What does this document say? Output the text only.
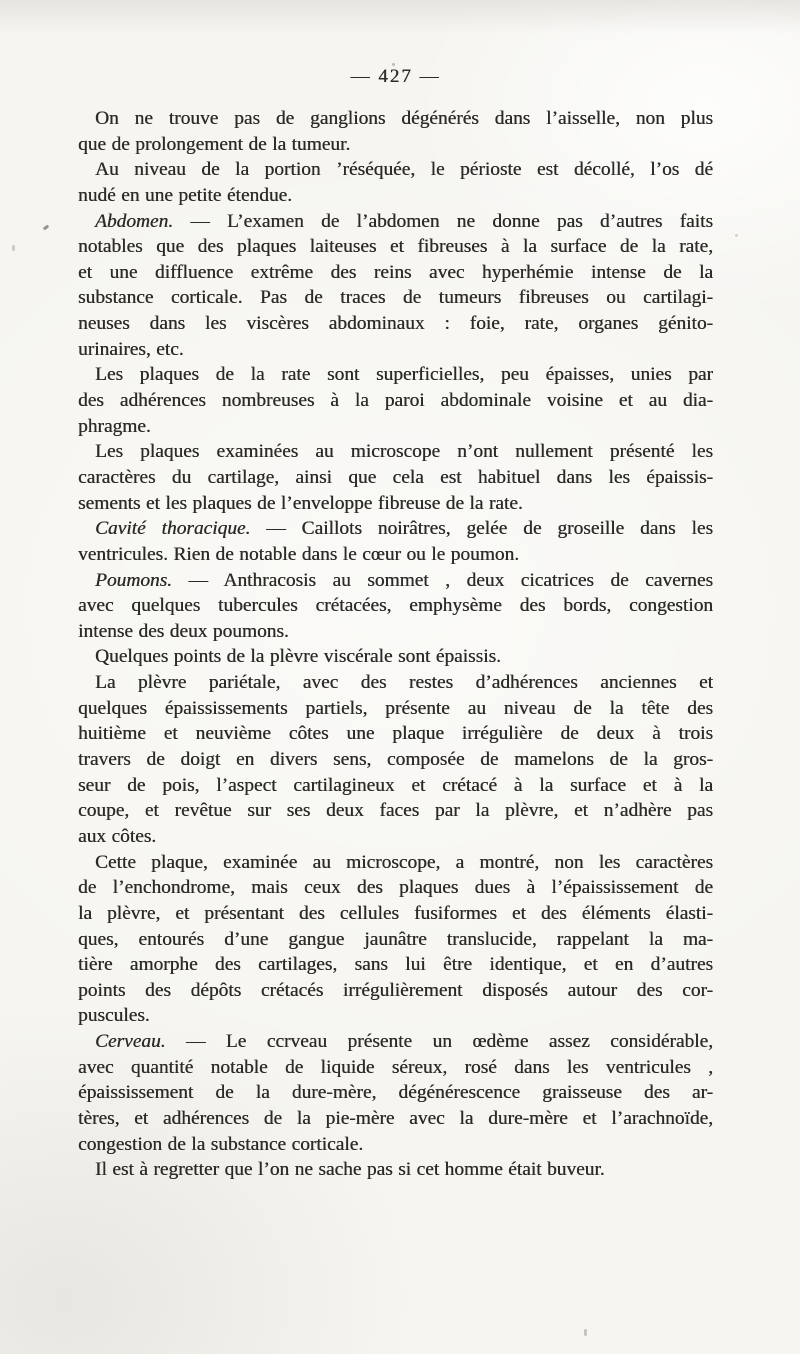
— 427 —
On ne trouve pas de ganglions dégénérés dans l’aisselle, non plus
que de prolongement de la tumeur.
Au niveau de la portion ’réséquée, le périoste est décollé, l’os dé
nudé en une petite étendue.
Abdomen. — L’examen de l’abdomen ne donne pas d’autres faits
notables que des plaques laiteuses et fibreuses à la surface de la rate,
et une diffluence extrême des reins avec hyperhémie intense de la
substance corticale. Pas de traces de tumeurs fibreuses ou cartilagi-
neuses dans les viscères abdominaux : foie, rate, organes génito-
urinaires, etc.
Les plaques de la rate sont superficielles, peu épaisses, unies par
des adhérences nombreuses à la paroi abdominale voisine et au dia-
phragme.
Les plaques examinées au microscope n’ont nullement présenté les
caractères du cartilage, ainsi que cela est habituel dans les épaissis-
sements et les plaques de l’enveloppe fibreuse de la rate.
Cavité thoracique. — Caillots noirâtres, gelée de groseille dans les
ventricules. Rien de notable dans le cœur ou le poumon.
Poumons. — Anthracosis au sommet , deux cicatrices de cavernes
avec quelques tubercules crétacées, emphysème des bords, congestion
intense des deux poumons.
Quelques points de la plèvre viscérale sont épaissis.
La plèvre pariétale, avec des restes d’adhérences anciennes et
quelques épaississements partiels, présente au niveau de la tête des
huitième et neuvième côtes une plaque irrégulière de deux à trois
travers de doigt en divers sens, composée de mamelons de la gros-
seur de pois, l’aspect cartilagineux et crétacé à la surface et à la
coupe, et revêtue sur ses deux faces par la plèvre, et n’adhère pas
aux côtes.
Cette plaque, examinée au microscope, a montré, non les caractères
de l’enchondrome, mais ceux des plaques dues à l’épaississement de
la plèvre, et présentant des cellules fusiformes et des éléments élasti-
ques, entourés d’une gangue jaunâtre translucide, rappelant la ma-
tière amorphe des cartilages, sans lui être identique, et en d’autres
points des dépôts crétacés irrégulièrement disposés autour des cor-
puscules.
Cerveau. — Le ccrveau présente un œdème assez considérable,
avec quantité notable de liquide séreux, rosé dans les ventricules ,
épaississement de la dure-mère, dégénérescence graisseuse des ar-
tères, et adhérences de la pie-mère avec la dure-mère et l’arachnoïde,
congestion de la substance corticale.
Il est à regretter que l’on ne sache pas si cet homme était buveur.
